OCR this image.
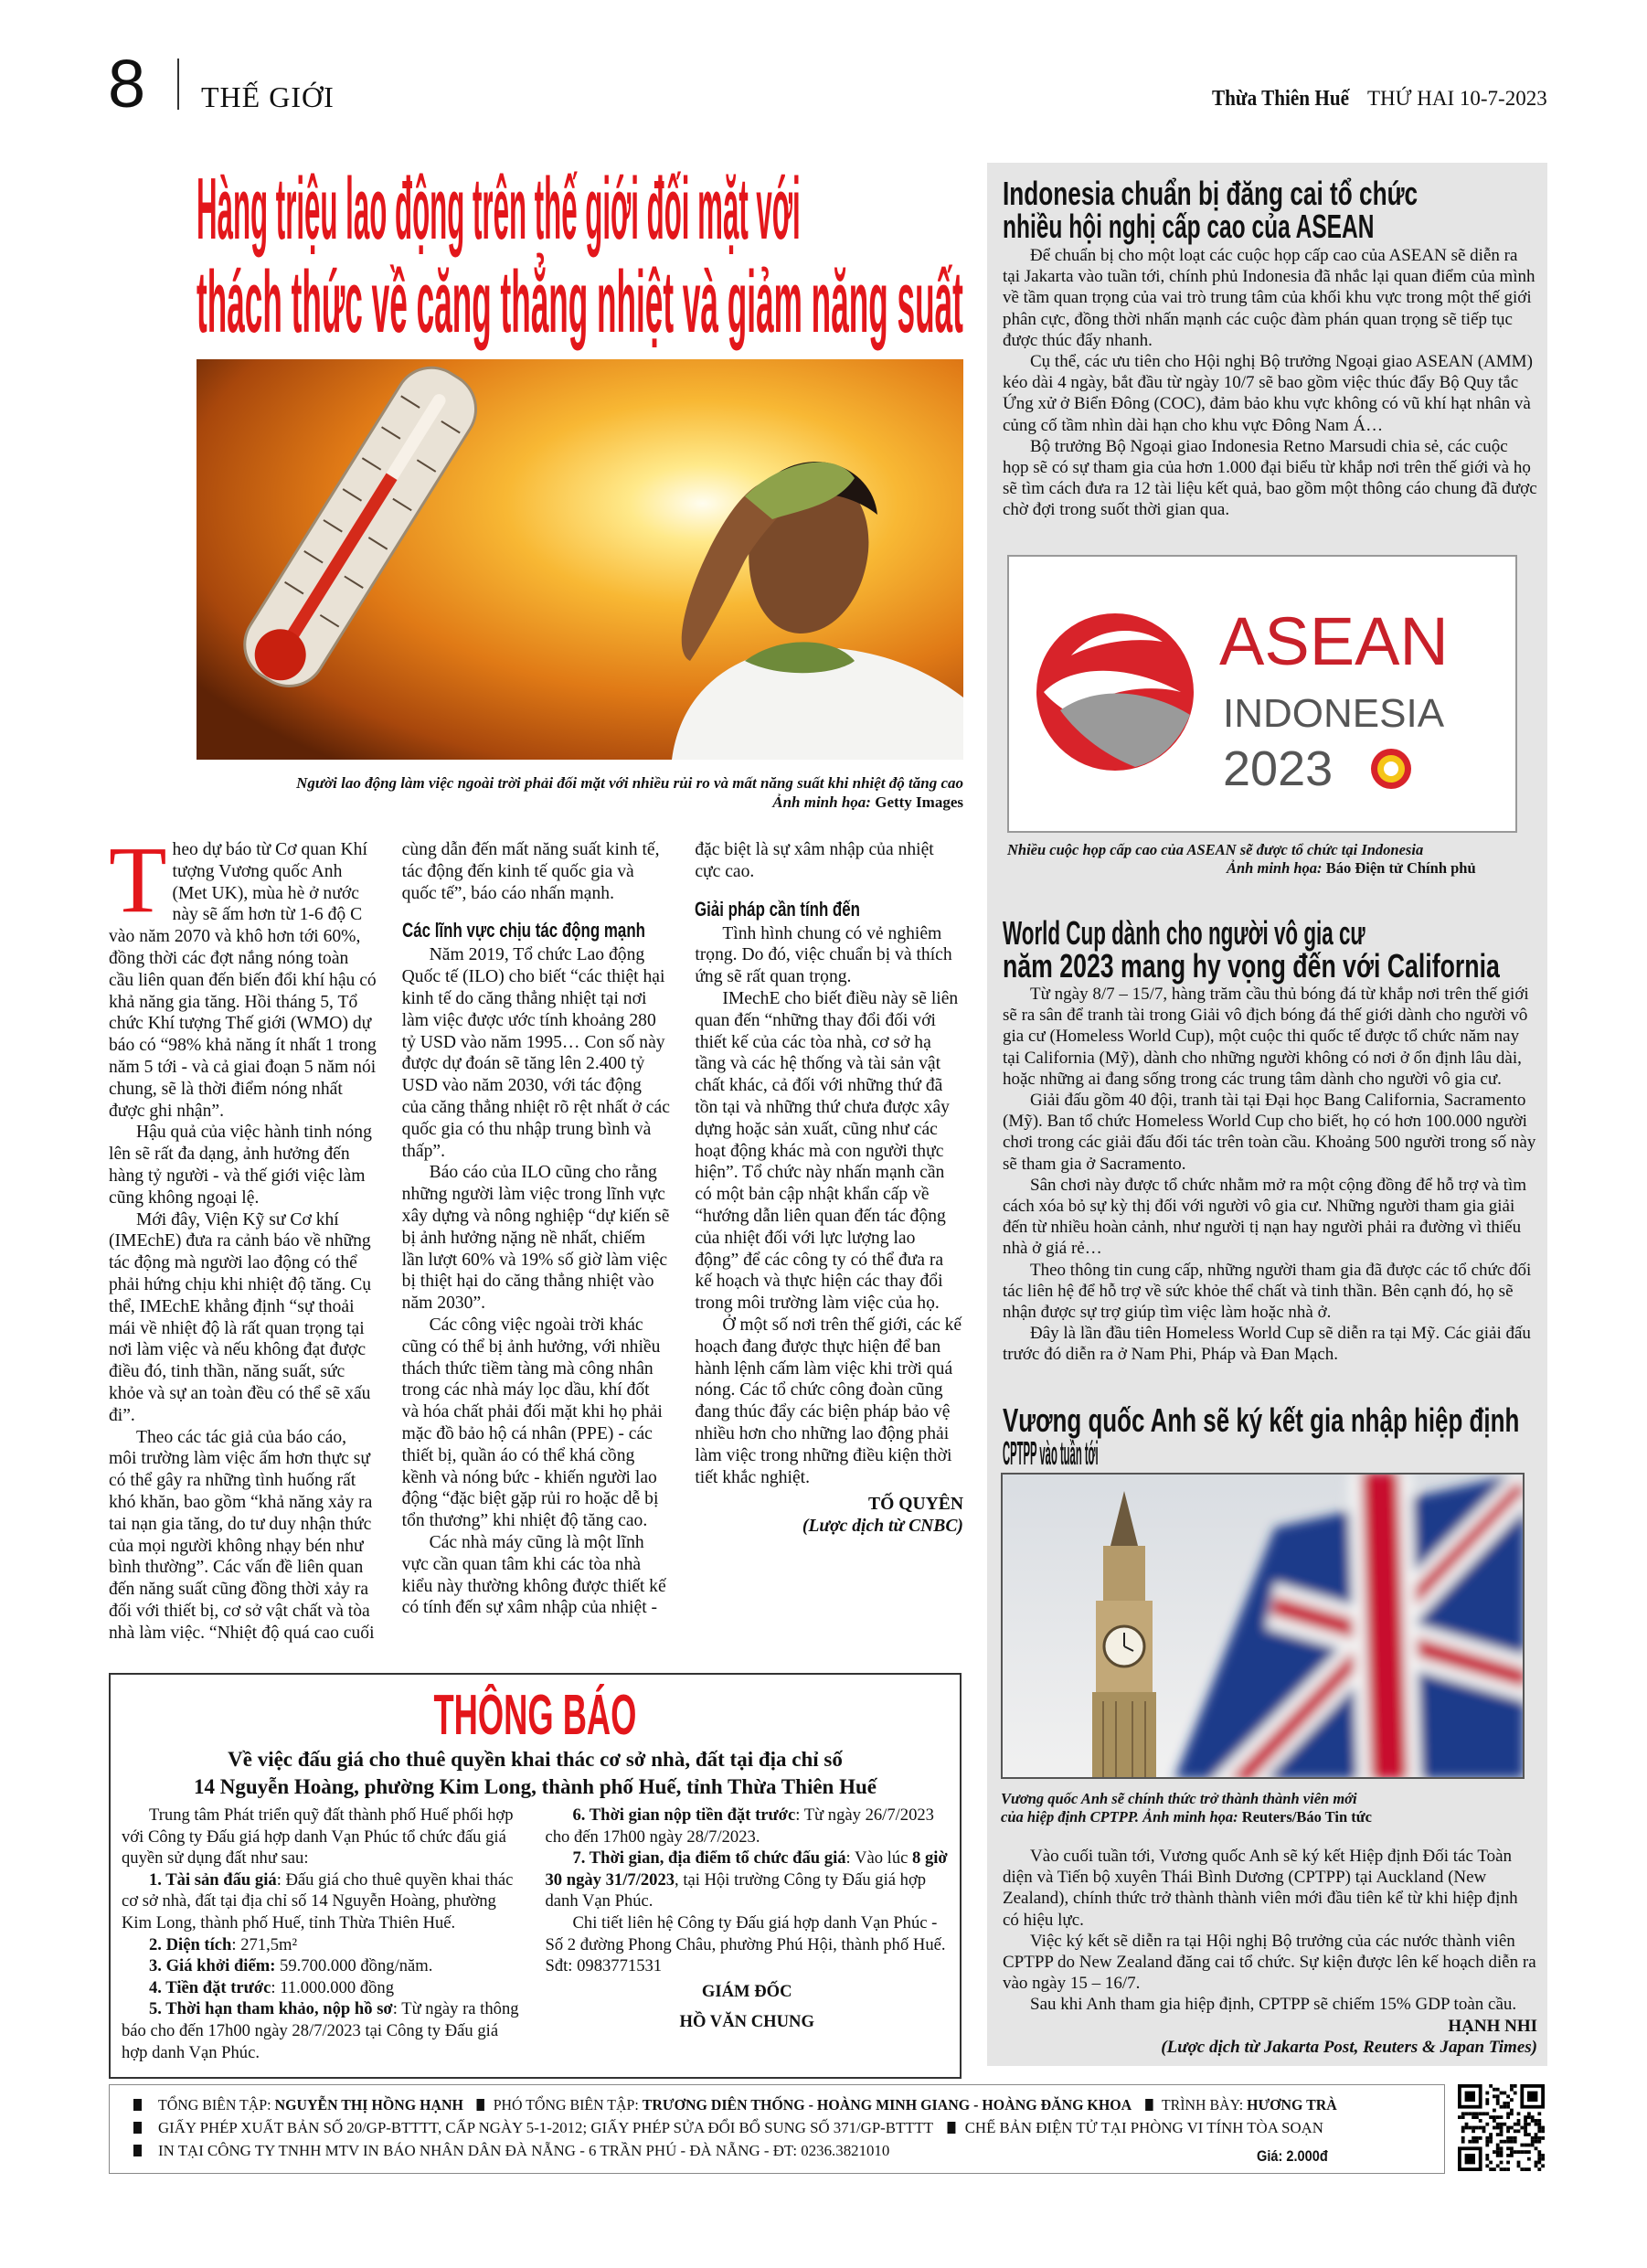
8 THẾ GIỚI	Thừa Thiên Huế THỨ HAI 10-7-2023
Hàng triệu lao động trên thế giới đối mặt với
thách thức về căng thẳng nhiệt và giảm năng suất
Người lao động làm việc ngoài trời phải đối mặt với nhiều rủi ro và mất năng suất khi nhiệt độ tăng cao
Ảnh minh họa: Getty Images

Theo dự báo từ Cơ quan Khí tượng Vương quốc Anh (Met UK), mùa hè ở nước này sẽ ấm hơn từ 1-6 độ C vào năm 2070 và khô hơn tới 60%, đồng thời các đợt nắng nóng toàn cầu liên quan đến biến đổi khí hậu có khả năng gia tăng. Hồi tháng 5, Tổ chức Khí tượng Thế giới (WMO) dự báo có “98% khả năng ít nhất 1 trong năm 5 tới - và cả giai đoạn 5 năm nói chung, sẽ là thời điểm nóng nhất được ghi nhận”.

Hậu quả của việc hành tinh nóng lên sẽ rất đa dạng, ảnh hưởng đến hàng tỷ người - và thế giới việc làm cũng không ngoại lệ.

Mới đây, Viện Kỹ sư Cơ khí (IMEchE) đưa ra cảnh báo về những tác động mà người lao động có thể phải hứng chịu khi nhiệt độ tăng. Cụ thể, IMEchE khẳng định “sự thoải mái về nhiệt độ là rất quan trọng tại nơi làm việc và nếu không đạt được điều đó, tinh thần, năng suất, sức khỏe và sự an toàn đều có thể sẽ xấu đi”.

Theo các tác giả của báo cáo, môi trường làm việc ấm hơn thực sự có thể gây ra những tình huống rất khó khăn, bao gồm “khả năng xảy ra tai nạn gia tăng, do tư duy nhận thức của mọi người không nhạy bén như bình thường”. Các vấn đề liên quan đến năng suất cũng đồng thời xảy ra đối với thiết bị, cơ sở vật chất và tòa nhà làm việc. “Nhiệt độ quá cao cuối cùng dẫn đến mất năng suất kinh tế, tác động đến kinh tế quốc gia và quốc tế”, báo cáo nhấn mạnh.

Các lĩnh vực chịu tác động mạnh

Năm 2019, Tổ chức Lao động Quốc tế (ILO) cho biết “các thiệt hại kinh tế do căng thẳng nhiệt tại nơi làm việc được ước tính khoảng 280 tỷ USD vào năm 1995… Con số này được dự đoán sẽ tăng lên 2.400 tỷ USD vào năm 2030, với tác động của căng thẳng nhiệt rõ rệt nhất ở các quốc gia có thu nhập trung bình và thấp”.

Báo cáo của ILO cũng cho rằng những người làm việc trong lĩnh vực xây dựng và nông nghiệp “dự kiến sẽ bị ảnh hưởng nặng nề nhất, chiếm lần lượt 60% và 19% số giờ làm việc bị thiệt hại do căng thẳng nhiệt vào năm 2030”.

Các công việc ngoài trời khác cũng có thể bị ảnh hưởng, với nhiều thách thức tiềm tàng mà công nhân trong các nhà máy lọc dầu, khí đốt và hóa chất phải đối mặt khi họ phải mặc đồ bảo hộ cá nhân (PPE) - các thiết bị, quần áo có thể khá cồng kềnh và nóng bức - khiến người lao động “đặc biệt gặp rủi ro hoặc dễ bị tổn thương” khi nhiệt độ tăng cao.

Các nhà máy cũng là một lĩnh vực cần quan tâm khi các tòa nhà kiểu này thường không được thiết kế có tính đến sự xâm nhập của nhiệt - đặc biệt là sự xâm nhập của nhiệt cực cao.

Giải pháp cần tính đến

Tình hình chung có vẻ nghiêm trọng. Do đó, việc chuẩn bị và thích ứng sẽ rất quan trọng.

IMechE cho biết điều này sẽ liên quan đến “những thay đổi đối với thiết kế của các tòa nhà, cơ sở hạ tầng và các hệ thống và tài sản vật chất khác, cả đối với những thứ đã tồn tại và những thứ chưa được xây dựng hoặc sản xuất, cũng như các hoạt động khác mà con người thực hiện”. Tổ chức này nhấn mạnh cần có một bản cập nhật khẩn cấp về “hướng dẫn liên quan đến tác động của nhiệt đối với lực lượng lao động” để các công ty có thể đưa ra kế hoạch và thực hiện các thay đổi trong môi trường làm việc của họ.

Ở một số nơi trên thế giới, các kế hoạch đang được thực hiện để ban hành lệnh cấm làm việc khi trời quá nóng. Các tổ chức công đoàn cũng đang thúc đẩy các biện pháp bảo vệ nhiều hơn cho những lao động phải làm việc trong những điều kiện thời tiết khắc nghiệt.

TỐ QUYÊN
(Lược dịch từ CNBC)
THÔNG BÁO
Về việc đấu giá cho thuê quyền khai thác cơ sở nhà, đất tại địa chỉ số
14 Nguyễn Hoàng, phường Kim Long, thành phố Huế, tỉnh Thừa Thiên Huế

Trung tâm Phát triển quỹ đất thành phố Huế phối hợp với Công ty Đấu giá hợp danh Vạn Phúc tổ chức đấu giá quyền sử dụng đất như sau:

1. Tài sản đấu giá: Đấu giá cho thuê quyền khai thác cơ sở nhà, đất tại địa chỉ số 14 Nguyễn Hoàng, phường Kim Long, thành phố Huế, tỉnh Thừa Thiên Huế.

2. Diện tích: 271,5m²

3. Giá khởi điểm: 59.700.000 đồng/năm.

4. Tiền đặt trước: 11.000.000 đồng

5. Thời hạn tham khảo, nộp hồ sơ: Từ ngày ra thông báo cho đến 17h00 ngày 28/7/2023 tại Công ty Đấu giá hợp danh Vạn Phúc.

6. Thời gian nộp tiền đặt trước: Từ ngày 26/7/2023 cho đến 17h00 ngày 28/7/2023.

7. Thời gian, địa điểm tổ chức đấu giá: Vào lúc 8 giờ 30 ngày 31/7/2023, tại Hội trường Công ty Đấu giá hợp danh Vạn Phúc.

Chi tiết liên hệ Công ty Đấu giá hợp danh Vạn Phúc - Số 2 đường Phong Châu, phường Phú Hội, thành phố Huế. Sđt: 0983771531

GIÁM ĐỐC

HỒ VĂN CHUNG

Indonesia chuẩn bị đăng cai tổ chức
nhiều hội nghị cấp cao của ASEAN

Để chuẩn bị cho một loạt các cuộc họp cấp cao của ASEAN sẽ diễn ra tại Jakarta vào tuần tới, chính phủ Indonesia đã nhắc lại quan điểm của mình về tầm quan trọng của vai trò trung tâm của khối khu vực trong một thế giới phân cực, đồng thời nhấn mạnh các cuộc đàm phán quan trọng sẽ tiếp tục được thúc đẩy nhanh.

Cụ thể, các ưu tiên cho Hội nghị Bộ trưởng Ngoại giao ASEAN (AMM) kéo dài 4 ngày, bắt đầu từ ngày 10/7 sẽ bao gồm việc thúc đẩy Bộ Quy tắc Ứng xử ở Biển Đông (COC), đảm bảo khu vực không có vũ khí hạt nhân và củng cố tầm nhìn dài hạn cho khu vực Đông Nam Á…

Bộ trưởng Bộ Ngoại giao Indonesia Retno Marsudi chia sẻ, các cuộc họp sẽ có sự tham gia của hơn 1.000 đại biểu từ khắp nơi trên thế giới và họ sẽ tìm cách đưa ra 12 tài liệu kết quả, bao gồm một thông cáo chung đã được chờ đợi trong suốt thời gian qua.

ASEAN
INDONESIA
2023
Nhiều cuộc họp cấp cao của ASEAN sẽ được tổ chức tại Indonesia
Ảnh minh họa: Báo Điện tử Chính phủ
World Cup dành cho người vô gia cư
năm 2023 mang hy vọng đến với California

Từ ngày 8/7 – 15/7, hàng trăm cầu thủ bóng đá từ khắp nơi trên thế giới sẽ ra sân để tranh tài trong Giải vô địch bóng đá thế giới dành cho người vô gia cư (Homeless World Cup), một cuộc thi quốc tế được tổ chức năm nay tại California (Mỹ), dành cho những người không có nơi ở ổn định lâu dài, hoặc những ai đang sống trong các trung tâm dành cho người vô gia cư.

Giải đấu gồm 40 đội, tranh tài tại Đại học Bang California, Sacramento (Mỹ). Ban tổ chức Homeless World Cup cho biết, họ có hơn 100.000 người chơi trong các giải đấu đối tác trên toàn cầu. Khoảng 500 người trong số này sẽ tham gia ở Sacramento.

Sân chơi này được tổ chức nhằm mở ra một cộng đồng để hỗ trợ và tìm cách xóa bỏ sự kỳ thị đối với người vô gia cư. Những người tham gia giải đến từ nhiều hoàn cảnh, như người tị nạn hay người phải ra đường vì thiếu nhà ở giá rẻ…

Theo thông tin cung cấp, những người tham gia đã được các tổ chức đối tác liên hệ để hỗ trợ về sức khỏe thể chất và tinh thần. Bên cạnh đó, họ sẽ nhận được sự trợ giúp tìm việc làm hoặc nhà ở.

Đây là lần đầu tiên Homeless World Cup sẽ diễn ra tại Mỹ. Các giải đấu trước đó diễn ra ở Nam Phi, Pháp và Đan Mạch.

Vương quốc Anh sẽ ký kết gia nhập hiệp định
CPTPP vào tuần tới
Vương quốc Anh sẽ chính thức trở thành thành viên mới
của hiệp định CPTPP. Ảnh minh họa: Reuters/Báo Tin tức

Vào cuối tuần tới, Vương quốc Anh sẽ ký kết Hiệp định Đối tác Toàn diện và Tiến bộ xuyên Thái Bình Dương (CPTPP) tại Auckland (New Zealand), chính thức trở thành thành viên mới đầu tiên kể từ khi hiệp định có hiệu lực.

Việc ký kết sẽ diễn ra tại Hội nghị Bộ trưởng của các nước thành viên CPTPP do New Zealand đăng cai tổ chức. Sự kiện được lên kế hoạch diễn ra vào ngày 15 – 16/7.

Sau khi Anh tham gia hiệp định, CPTPP sẽ chiếm 15% GDP toàn cầu.

HẠNH NHI
(Lược dịch từ Jakarta Post, Reuters & Japan Times)
TỔNG BIÊN TẬP: NGUYỄN THỊ HỒNG HẠNH PHÓ TỔNG BIÊN TẬP: TRƯƠNG DIÊN THỐNG - HOÀNG MINH GIANG - HOÀNG ĐĂNG KHOA TRÌNH BÀY: HƯƠNG TRÀ
GIẤY PHÉP XUẤT BẢN SỐ 20/GP-BTTTT, CẤP NGÀY 5-1-2012; GIẤY PHÉP SỬA ĐỔI BỔ SUNG SỐ 371/GP-BTTTT CHẾ BẢN ĐIỆN TỬ TẠI PHÒNG VI TÍNH TÒA SOẠN
IN TẠI CÔNG TY TNHH MTV IN BÁO NHÂN DÂN ĐÀ NẴNG - 6 TRẦN PHÚ - ĐÀ NẴNG - ĐT: 0236.3821010	Giá: 2.000đ
